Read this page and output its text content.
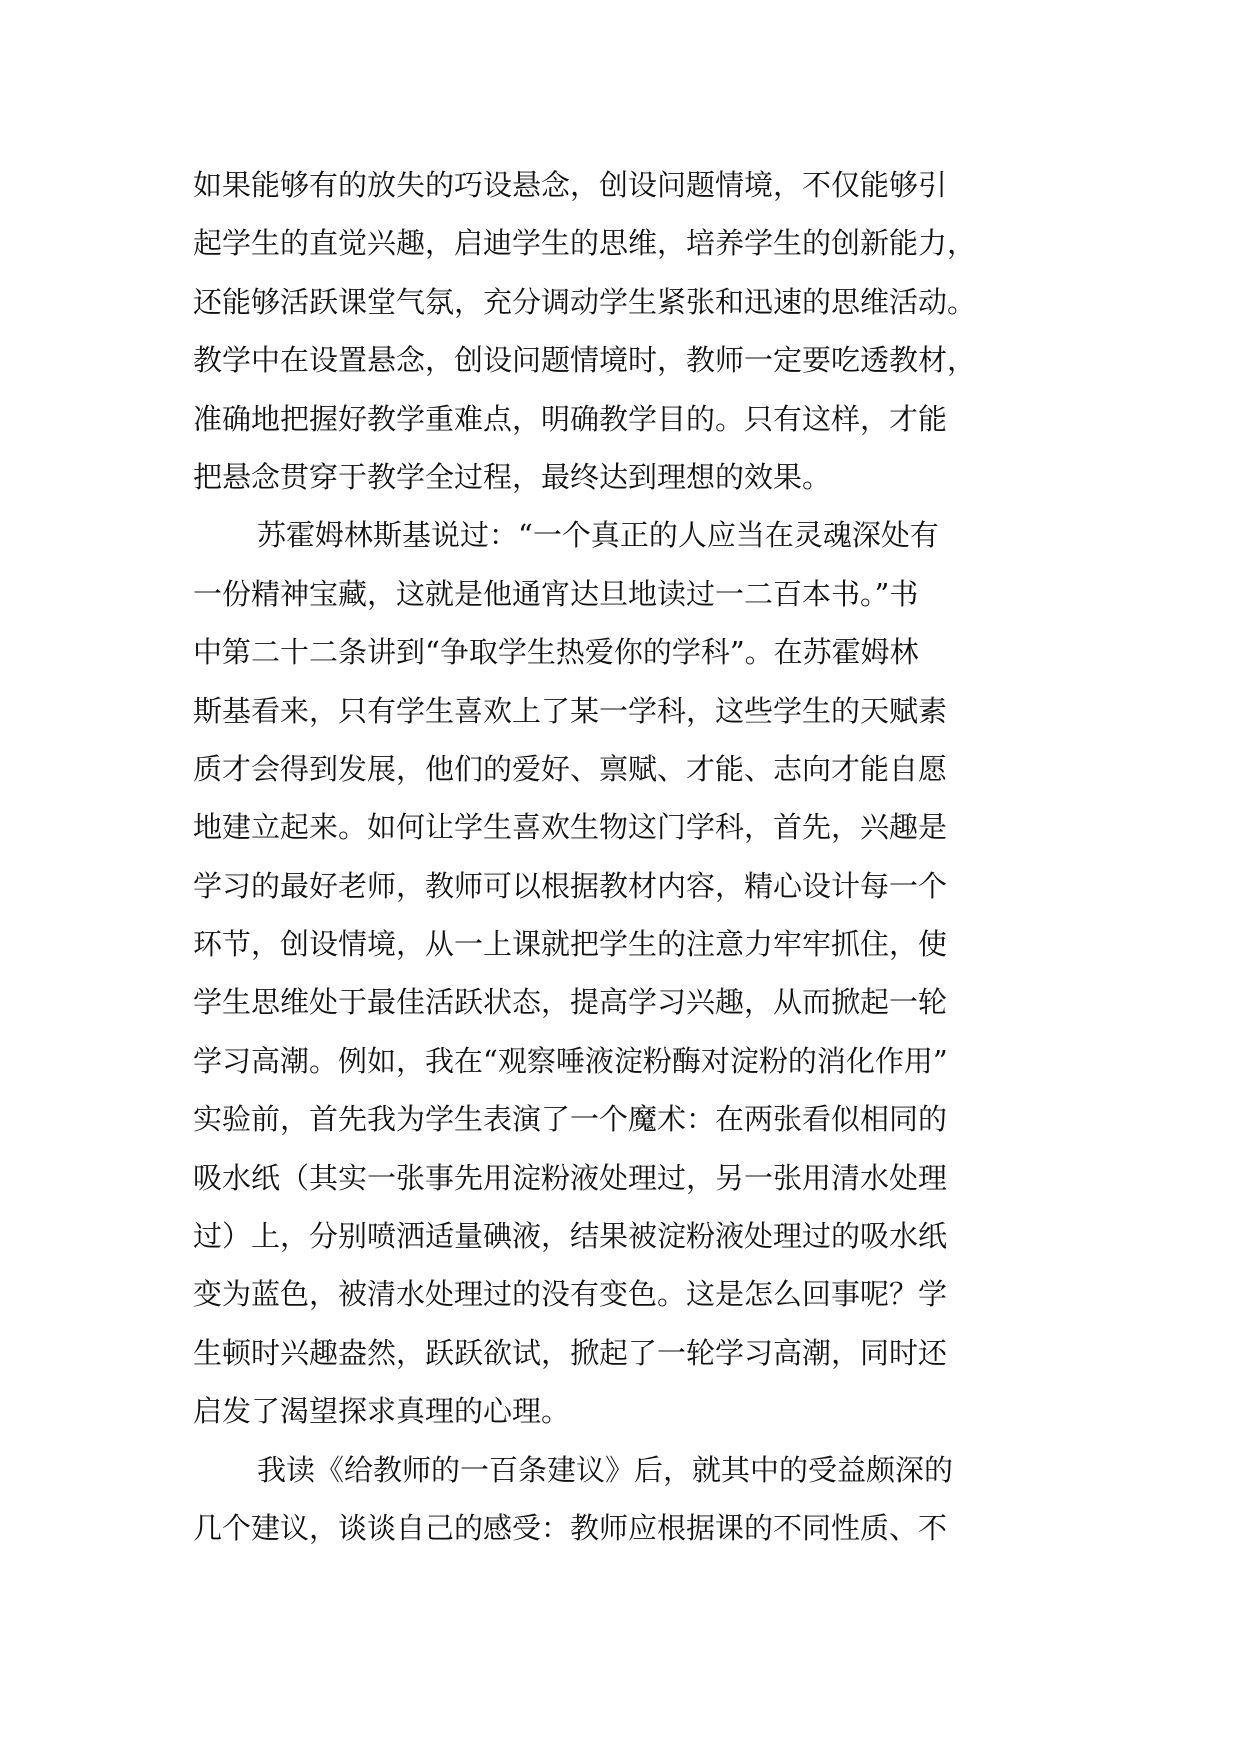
如果能够有的放失的巧设悬念，创设问题情境，不仅能够引
起学生的直觉兴趣，启迪学生的思维，培养学生的创新能力，
还能够活跃课堂气氛，充分调动学生紧张和迅速的思维活动。
教学中在设置悬念，创设问题情境时，教师一定要吃透教材，
准确地把握好教学重难点，明确教学目的。只有这样，才能
把悬念贯穿于教学全过程，最终达到理想的效果。
苏霍姆林斯基说过：“一个真正的人应当在灵魂深处有
一份精神宝藏，这就是他通宵达旦地读过一二百本书。”书
中第二十二条讲到“争取学生热爱你的学科”。在苏霍姆林
斯基看来，只有学生喜欢上了某一学科，这些学生的天赋素
质才会得到发展，他们的爱好、禀赋、才能、志向才能自愿
地建立起来。如何让学生喜欢生物这门学科，首先，兴趣是
学习的最好老师，教师可以根据教材内容，精心设计每一个
环节，创设情境，从一上课就把学生的注意力牢牢抓住，使
学生思维处于最佳活跃状态，提高学习兴趣，从而掀起一轮
学习高潮。例如，我在“观察唾液淀粉酶对淀粉的消化作用”
实验前，首先我为学生表演了一个魔术：在两张看似相同的
吸水纸（其实一张事先用淀粉液处理过，另一张用清水处理
过）上，分别喷洒适量碘液，结果被淀粉液处理过的吸水纸
变为蓝色，被清水处理过的没有变色。这是怎么回事呢？学
生顿时兴趣盎然，跃跃欲试，掀起了一轮学习高潮，同时还
启发了渴望探求真理的心理。
我读《给教师的一百条建议》后，就其中的受益颇深的
几个建议，谈谈自己的感受：教师应根据课的不同性质、不
